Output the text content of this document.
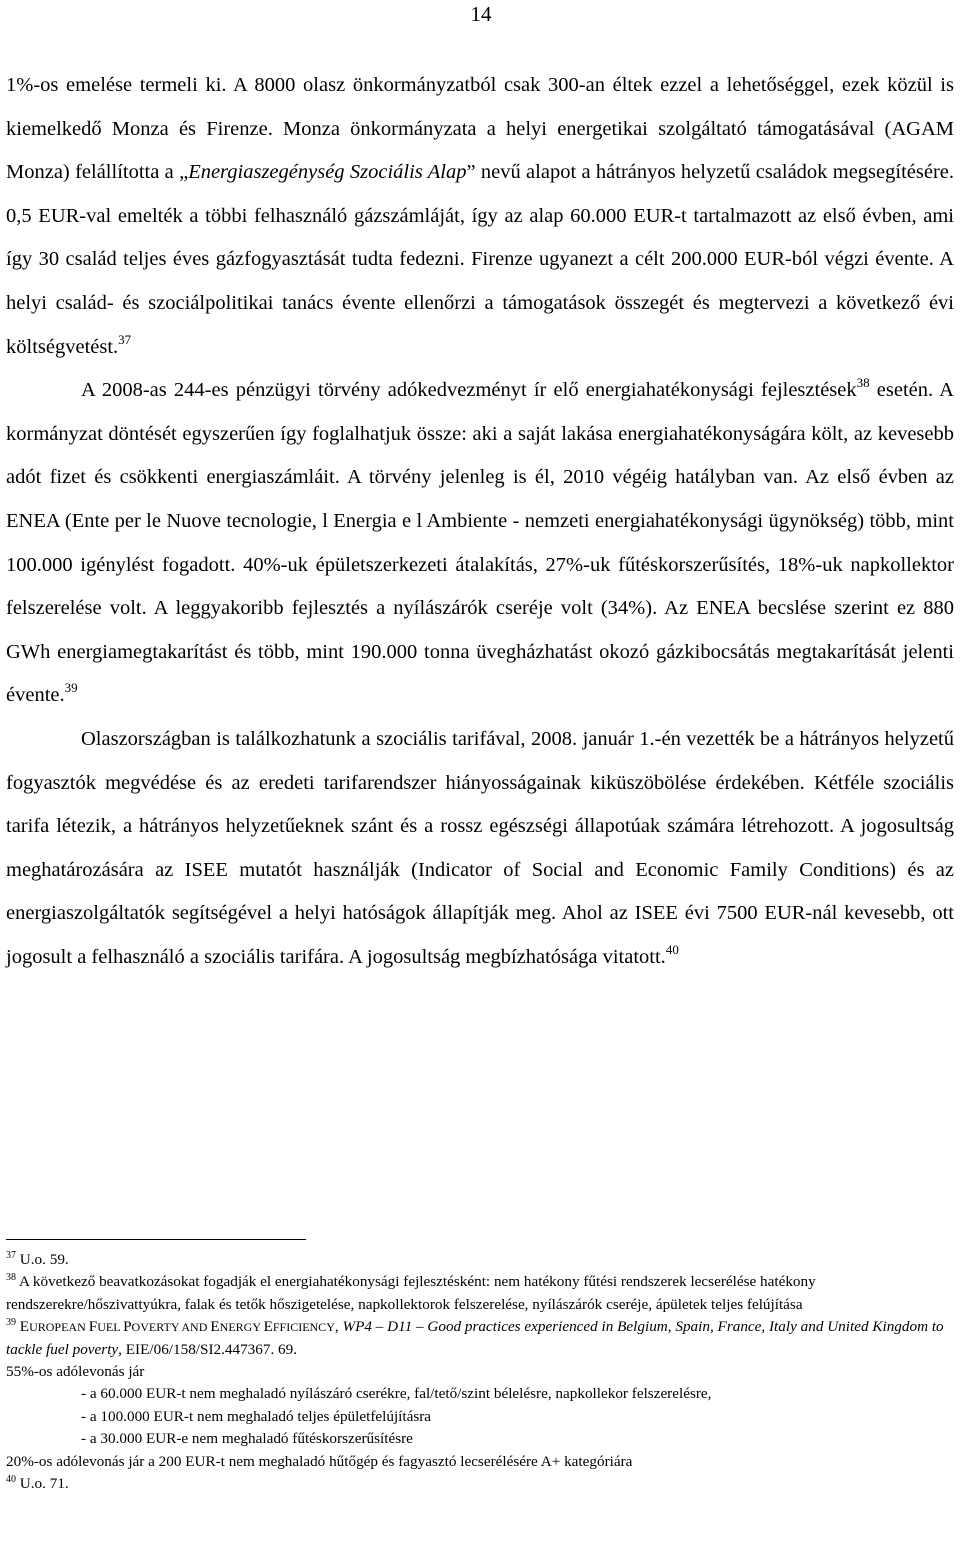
14

1%-os emelése termeli ki. A 8000 olasz önkormányzatból csak 300-an éltek ezzel a lehetőséggel, ezek közül is kiemelkedő Monza és Firenze. Monza önkormányzata a helyi energetikai szolgáltató támogatásával (AGAM Monza) felállította a „Energiaszegénység Szociális Alap” nevű alapot a hátrányos helyzetű családok megsegítésére. 0,5 EUR-val emelték a többi felhasználó gázszámláját, így az alap 60.000 EUR-t tartalmazott az első évben, ami így 30 család teljes éves gázfogyasztását tudta fedezni. Firenze ugyanezt a célt 200.000 EUR-ból végzi évente. A helyi család- és szociálpolitikai tanács évente ellenőrzi a támogatások összegét és megtervezi a következő évi költségvetést.$^{37}$

A 2008-as 244-es pénzügyi törvény adókedvezményt ír elő energiahatékonysági fejlesztések$^{38}$ esetén. A kormányzat döntését egyszerűen így foglalhatjuk össze: aki a saját lakása energiahatékonyságára költ, az kevesebb adót fizet és csökkenti energiaszámláit. A törvény jelenleg is él, 2010 végéig hatályban van. Az első évben az ENEA (Ente per le Nuove tecnologie, l Energia e l Ambiente - nemzeti energiahatékonysági ügynökség) több, mint 100.000 igénylést fogadott. 40%-uk épületszerkezeti átalakítás, 27%-uk fűtéskorszerűsítés, 18%-uk napkollektor felszerelése volt. A leggyakoribb fejlesztés a nyílászárók cseréje volt (34%). Az ENEA becslése szerint ez 880 GWh energiamegtakarítást és több, mint 190.000 tonna üvegházhatást okozó gázkibocsátás megtakarítását jelenti évente.$^{39}$

Olaszországban is találkozhatunk a szociális tarifával, 2008. január 1.-én vezették be a hátrányos helyzetű fogyasztók megvédése és az eredeti tarifarendszer hiányosságainak kiküszöbölése érdekében. Kétféle szociális tarifa létezik, a hátrányos helyzetűeknek szánt és a rossz egészségi állapotúak számára létrehozott. A jogosultság meghatározására az ISEE mutatót használják (Indicator of Social and Economic Family Conditions) és az energiaszolgáltatók segítségével a helyi hatóságok állapítják meg. Ahol az ISEE évi 7500 EUR-nál kevesebb, ott jogosult a felhasználó a szociális tarifára. A jogosultság megbízhatósága vitatott.$^{40}$

$^{37}$ U.o. 59.
$^{38}$ A következő beavatkozásokat fogadják el energiahatékonysági fejlesztésként: nem hatékony fűtési rendszerek lecserélése hatékony rendszerekre/hőszivattyúkra, falak és tetők hőszigetelése, napkollektorok felszerelése, nyílászárók cseréje, ápületek teljes felújítása
$^{39}$ EUROPEAN FUEL POVERTY AND ENERGY EFFICIENCY, WP4 – D11 – Good practices experienced in Belgium, Spain, France, Italy and United Kingdom to tackle fuel poverty, EIE/06/158/SI2.447367. 69.
55%-os adólevonás jár
- a 60.000 EUR-t nem meghaladó nyílászáró cserékre, fal/tető/szint bélelésre, napkollekor felszerelésre,
- a 100.000 EUR-t nem meghaladó teljes épületfelújításra
- a 30.000 EUR-e nem meghaladó fűtéskorszerűsítésre
20%-os adólevonás jár a 200 EUR-t nem meghaladó hűtőgép és fagyasztó lecserélésére A+ kategóriára
$^{40}$ U.o. 71.
